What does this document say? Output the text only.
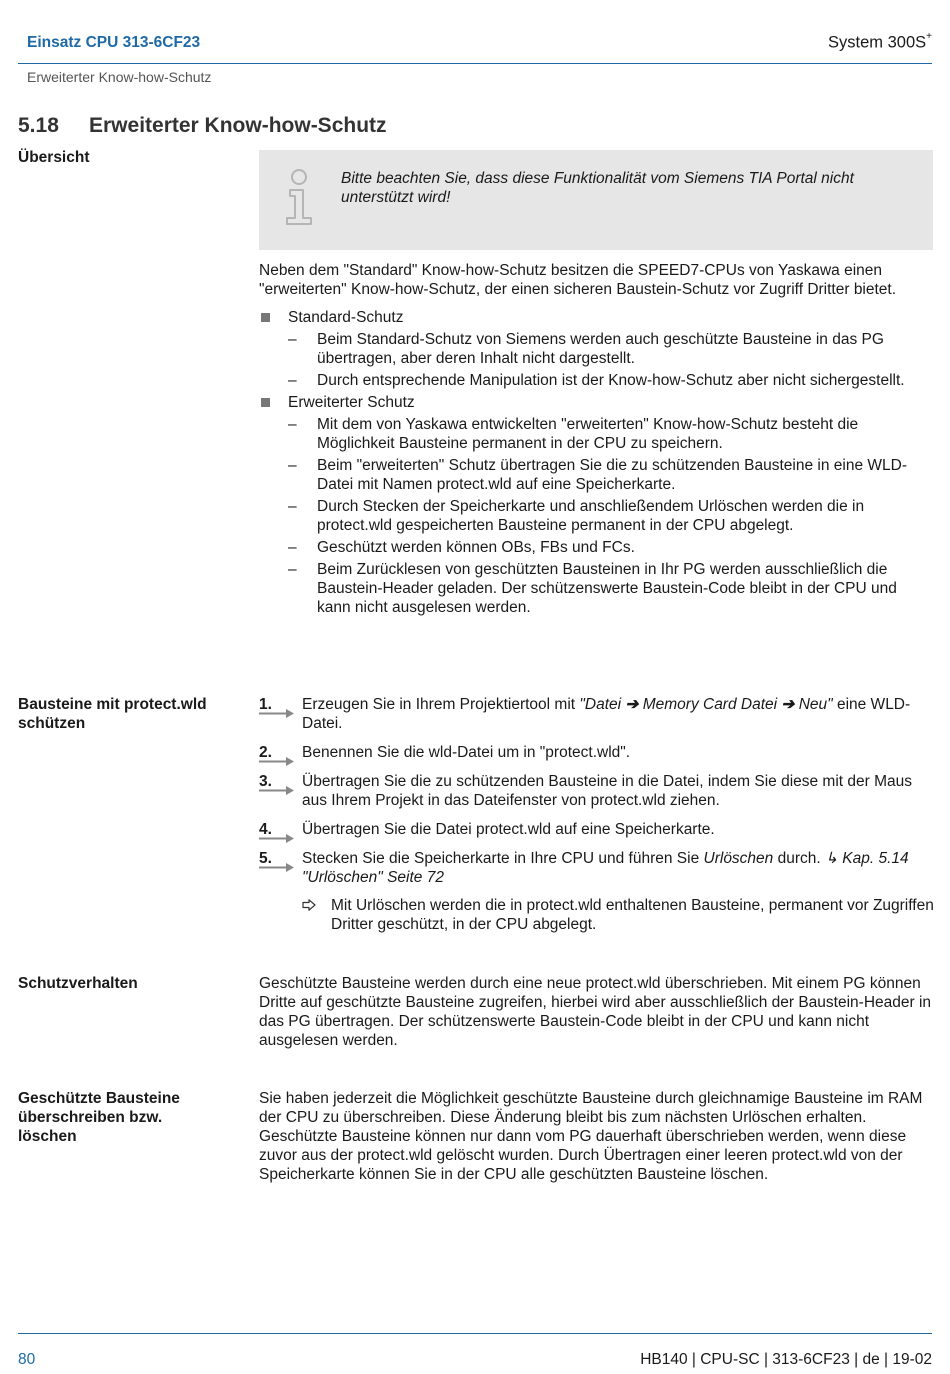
Einsatz CPU 313-6CF23	System 300S+
Erweiterter Know-how-Schutz
5.18 Erweiterter Know-how-Schutz
Übersicht
Bitte beachten Sie, dass diese Funktionalität vom Siemens TIA Portal nicht unterstützt wird!

Neben dem "Standard" Know-how-Schutz besitzen die SPEED7-CPUs von Yaskawa einen "erweiterten" Know-how-Schutz, der einen sicheren Baustein-Schutz vor Zugriff Dritter bietet.

Standard-Schutz
– Beim Standard-Schutz von Siemens werden auch geschützte Bausteine in das PG übertragen, aber deren Inhalt nicht dargestellt.
– Durch entsprechende Manipulation ist der Know-how-Schutz aber nicht sichergestellt.
Erweiterter Schutz
– Mit dem von Yaskawa entwickelten "erweiterten" Know-how-Schutz besteht die Möglichkeit Bausteine permanent in der CPU zu speichern.
– Beim "erweiterten" Schutz übertragen Sie die zu schützenden Bausteine in eine WLD-Datei mit Namen protect.wld auf eine Speicherkarte.
– Durch Stecken der Speicherkarte und anschließendem Urlöschen werden die in protect.wld gespeicherten Bausteine permanent in der CPU abgelegt.
– Geschützt werden können OBs, FBs und FCs.
– Beim Zurücklesen von geschützten Bausteinen in Ihr PG werden ausschließlich die Baustein-Header geladen. Der schützenswerte Baustein-Code bleibt in der CPU und kann nicht ausgelesen werden.
Bausteine mit protect.wld
schützen
1. Erzeugen Sie in Ihrem Projektiertool mit "Datei ➔ Memory Card Datei ➔ Neu" eine WLD-Datei.
2. Benennen Sie die wld-Datei um in "protect.wld".
3. Übertragen Sie die zu schützenden Bausteine in die Datei, indem Sie diese mit der Maus aus Ihrem Projekt in das Dateifenster von protect.wld ziehen.
4. Übertragen Sie die Datei protect.wld auf eine Speicherkarte.
5. Stecken Sie die Speicherkarte in Ihre CPU und führen Sie Urlöschen durch. ↳ Kap. 5.14 "Urlöschen" Seite 72
Mit Urlöschen werden die in protect.wld enthaltenen Bausteine, permanent vor Zugriffen Dritter geschützt, in der CPU abgelegt.
Schutzverhalten	Geschützte Bausteine werden durch eine neue protect.wld überschrieben. Mit einem PG können Dritte auf geschützte Bausteine zugreifen, hierbei wird aber ausschließlich der Baustein-Header in das PG übertragen. Der schützenswerte Baustein-Code bleibt in der CPU und kann nicht ausgelesen werden.
Geschützte Bausteine
überschreiben bzw.
löschen
Sie haben jederzeit die Möglichkeit geschützte Bausteine durch gleichnamige Bausteine im RAM der CPU zu überschreiben. Diese Änderung bleibt bis zum nächsten Urlöschen erhalten. Geschützte Bausteine können nur dann vom PG dauerhaft überschrieben werden, wenn diese zuvor aus der protect.wld gelöscht wurden. Durch Übertragen einer leeren protect.wld von der Speicherkarte können Sie in der CPU alle geschützten Bausteine löschen.
80	HB140 | CPU-SC | 313-6CF23 | de | 19-02
